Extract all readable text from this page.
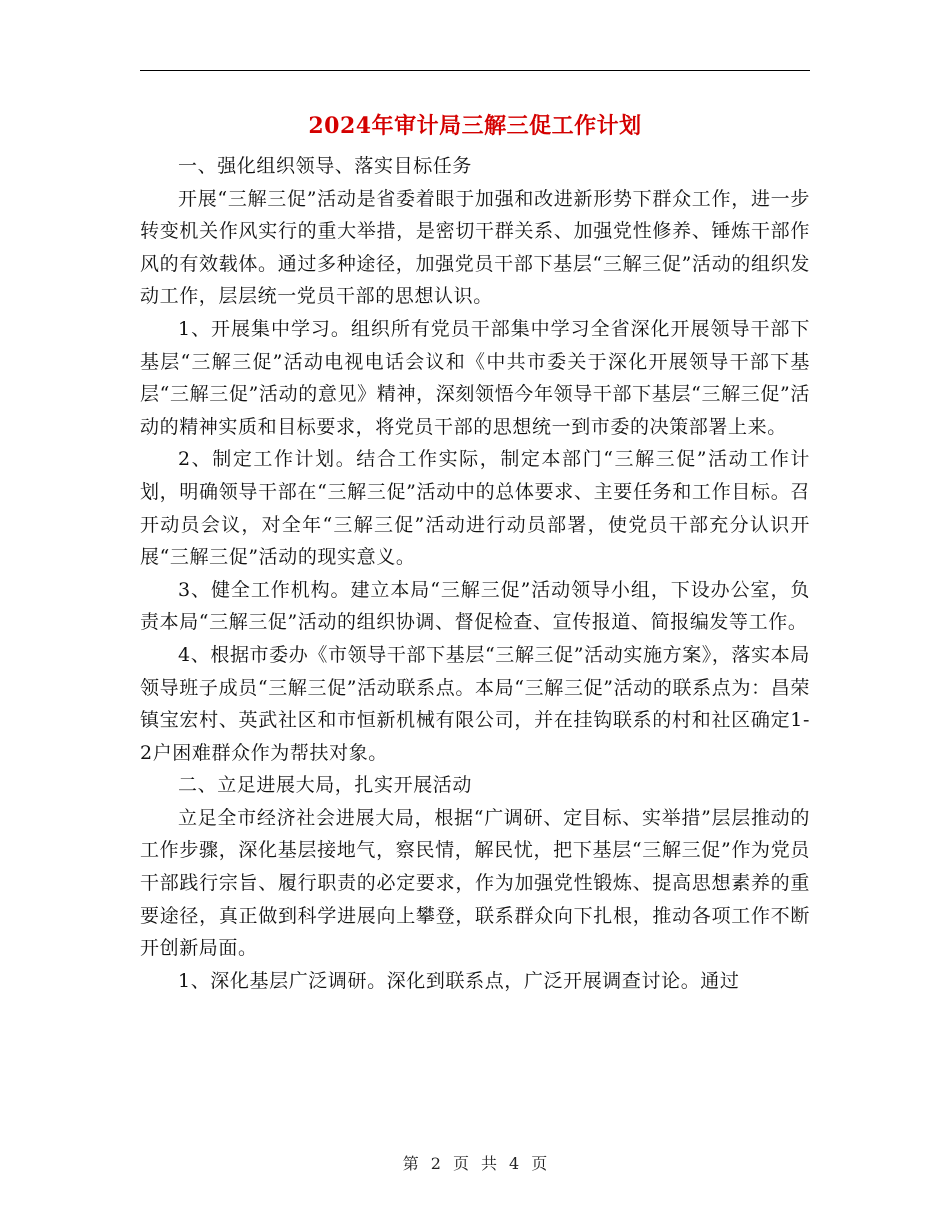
2024年审计局三解三促工作计划

一、强化组织领导、落实目标任务

开展“三解三促”活动是省委着眼于加强和改进新形势下群众工作，进一步转变机关作风实行的重大举措，是密切干群关系、加强党性修养、锤炼干部作风的有效载体。通过多种途径，加强党员干部下基层“三解三促”活动的组织发动工作，层层统一党员干部的思想认识。

1、开展集中学习。组织所有党员干部集中学习全省深化开展领导干部下基层“三解三促”活动电视电话会议和《中共市委关于深化开展领导干部下基层“三解三促”活动的意见》精神，深刻领悟今年领导干部下基层“三解三促”活动的精神实质和目标要求，将党员干部的思想统一到市委的决策部署上来。

2、制定工作计划。结合工作实际，制定本部门“三解三促”活动工作计划，明确领导干部在“三解三促”活动中的总体要求、主要任务和工作目标。召开动员会议，对全年“三解三促”活动进行动员部署，使党员干部充分认识开展“三解三促”活动的现实意义。

3、健全工作机构。建立本局“三解三促”活动领导小组，下设办公室，负责本局“三解三促”活动的组织协调、督促检查、宣传报道、简报编发等工作。

4、根据市委办《市领导干部下基层“三解三促”活动实施方案》，落实本局领导班子成员“三解三促”活动联系点。本局“三解三促”活动的联系点为：昌荣镇宝宏村、英武社区和市恒新机械有限公司，并在挂钩联系的村和社区确定1-2户困难群众作为帮扶对象。

二、立足进展大局，扎实开展活动

立足全市经济社会进展大局，根据“广调研、定目标、实举措”层层推动的工作步骤，深化基层接地气，察民情，解民忧，把下基层“三解三促”作为党员干部践行宗旨、履行职责的必定要求，作为加强党性锻炼、提高思想素养的重要途径，真正做到科学进展向上攀登，联系群众向下扎根，推动各项工作不断开创新局面。

1、深化基层广泛调研。深化到联系点，广泛开展调查讨论。通过

第 2 页 共 4 页
